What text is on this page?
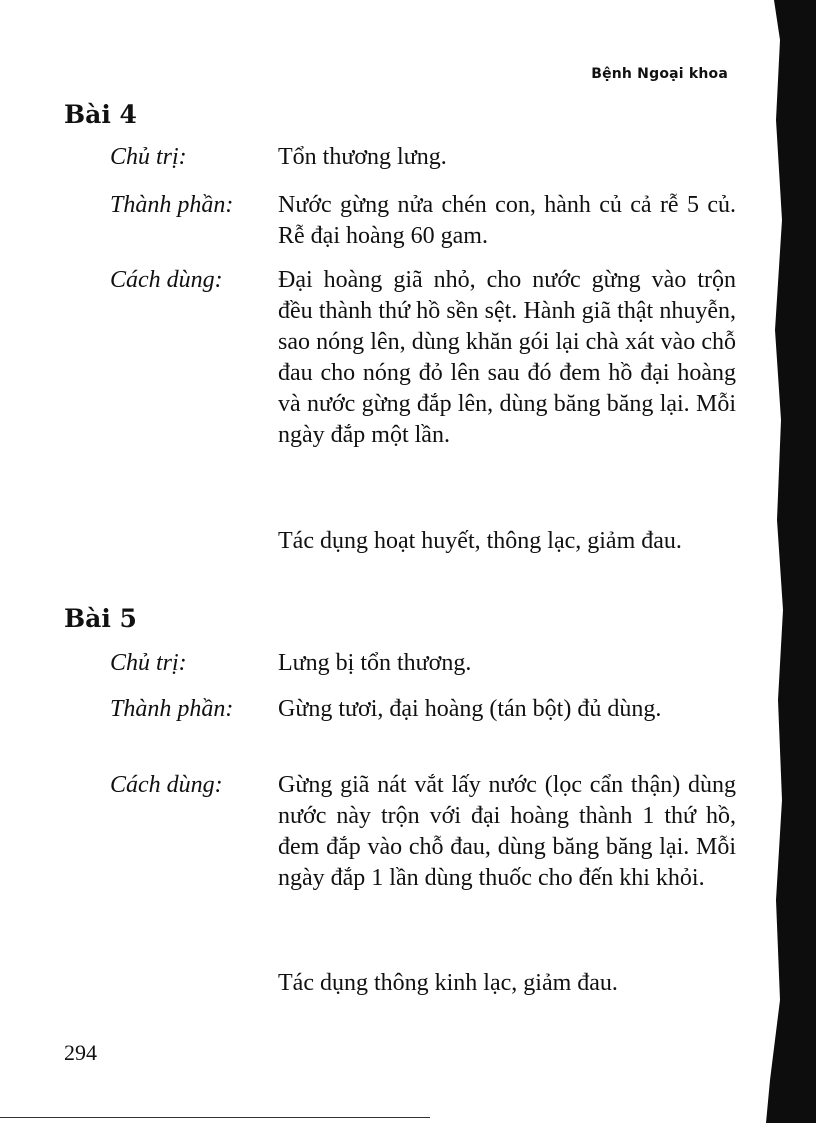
Bệnh Ngoại khoa
Bài 4
Chủ trị:	Tổn thương lưng.
Thành phần:	Nước gừng nửa chén con, hành củ cả rễ 5 củ. Rễ đại hoàng 60 gam.
Cách dùng:	Đại hoàng giã nhỏ, cho nước gừng vào trộn đều thành thứ hồ sền sệt. Hành giã thật nhuyễn, sao nóng lên, dùng khăn gói lại chà xát vào chỗ đau cho nóng đỏ lên sau đó đem hồ đại hoàng và nước gừng đắp lên, dùng băng băng lại. Mỗi ngày đắp một lần.
Tác dụng hoạt huyết, thông lạc, giảm đau.
Bài 5
Chủ trị:	Lưng bị tổn thương.
Thành phần:	Gừng tươi, đại hoàng (tán bột) đủ dùng.
Cách dùng:	Gừng giã nát vắt lấy nước (lọc cẩn thận) dùng nước này trộn với đại hoàng thành 1 thứ hồ, đem đắp vào chỗ đau, dùng băng băng lại. Mỗi ngày đắp 1 lần dùng thuốc cho đến khi khỏi.
Tác dụng thông kinh lạc, giảm đau.
294
